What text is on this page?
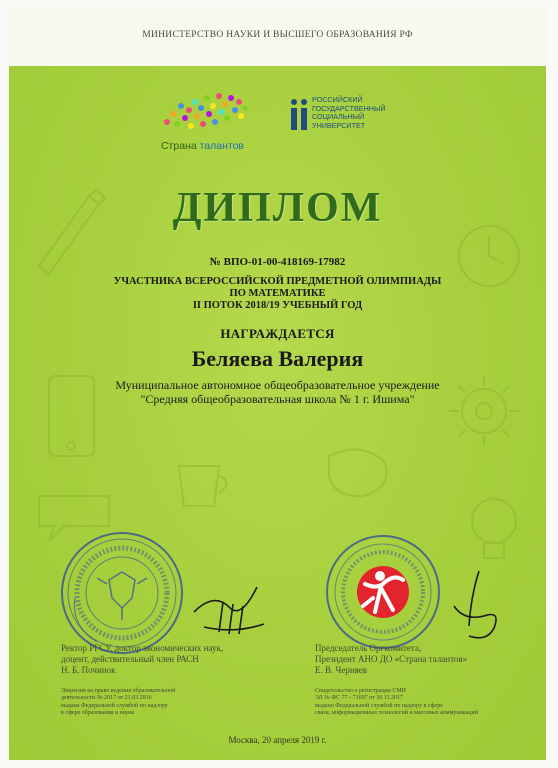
МИНИСТЕРСТВО НАУКИ И ВЫСШЕГО ОБРАЗОВАНИЯ РФ
Страна талантов
РОССИЙСКИЙ
ГОСУДАРСТВЕННЫЙ
СОЦИАЛЬНЫЙ
УНИВЕРСИТЕТ
ДИПЛОМ
№ ВПО-01-00-418169-17982
УЧАСТНИКА ВСЕРОССИЙСКОЙ ПРЕДМЕТНОЙ ОЛИМПИАДЫ
ПО МАТЕМАТИКЕ
II ПОТОК 2018/19 УЧЕБНЫЙ ГОД
НАГРАЖДАЕТСЯ
Беляева Валерия
Муниципальное автономное общеобразовательное учреждение
"Средняя общеобразовательная школа № 1 г. Ишима"
Ректор РГСУ, доктор экономических наук,
доцент, действительный член РАСН
Н. Б. Починок
Лицензия на право ведения образовательной
деятельности № 2017 от 21.03.2016
выдана Федеральной службой по надзору
в сфере образования и науки
Председатель Оргкомитета,
Президент АНО ДО «Страна талантов»
Е. В. Черняев
Свидетельство о регистрации СМИ
ЭЛ № ФС 77 - 71697 от 30.11.2017
выдано Федеральной службой по надзору в сфере
связи, информационных технологий и массовых коммуникаций
Москва, 20 апреля 2019 г.
